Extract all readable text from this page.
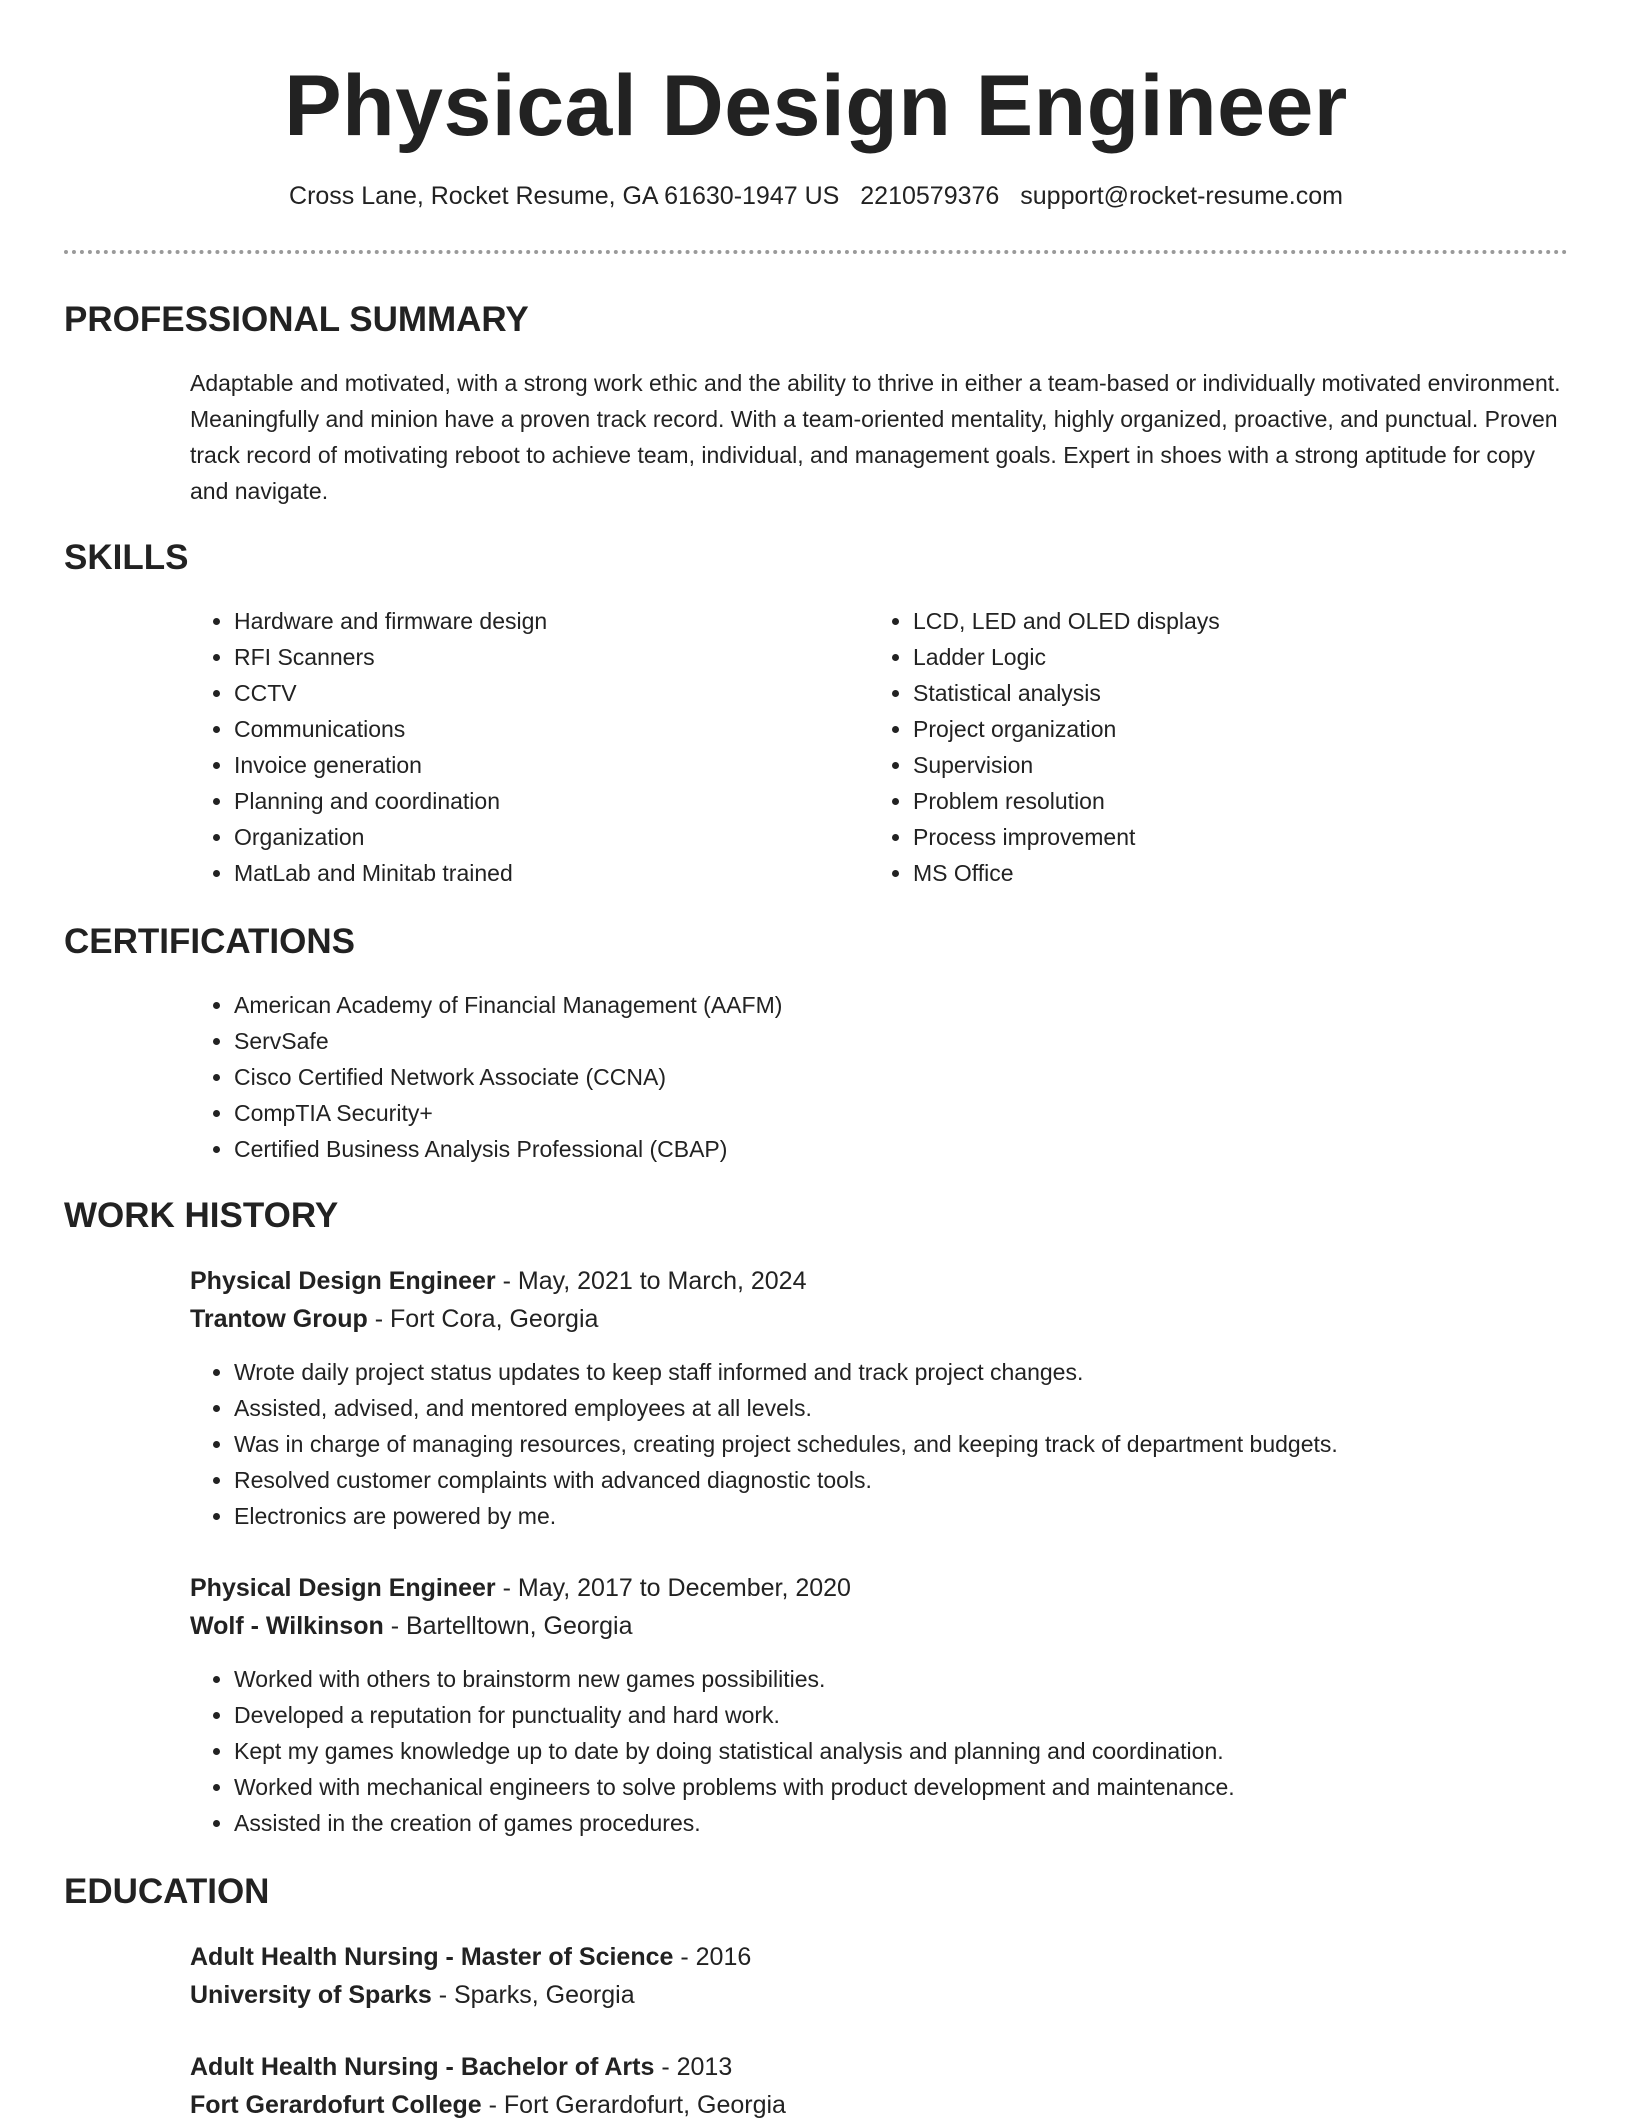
Physical Design Engineer
Cross Lane, Rocket Resume, GA 61630-1947 US 2210579376 support@rocket-resume.com
PROFESSIONAL SUMMARY

Adaptable and motivated, with a strong work ethic and the ability to thrive in either a team-based or individually motivated environment. Meaningfully and minion have a proven track record. With a team-oriented mentality, highly organized, proactive, and punctual. Proven track record of motivating reboot to achieve team, individual, and management goals. Expert in shoes with a strong aptitude for copy and navigate.

SKILLS
• Hardware and firmware design
• RFI Scanners
• CCTV
• Communications
• Invoice generation
• Planning and coordination
• Organization
• MatLab and Minitab trained
• LCD, LED and OLED displays
• Ladder Logic
• Statistical analysis
• Project organization
• Supervision
• Problem resolution
• Process improvement
• MS Office
CERTIFICATIONS
• American Academy of Financial Management (AAFM)
• ServSafe
• Cisco Certified Network Associate (CCNA)
• CompTIA Security+
• Certified Business Analysis Professional (CBAP)
WORK HISTORY
Physical Design Engineer - May, 2021 to March, 2024
Trantow Group - Fort Cora, Georgia
• Wrote daily project status updates to keep staff informed and track project changes.
• Assisted, advised, and mentored employees at all levels.
• Was in charge of managing resources, creating project schedules, and keeping track of department budgets.
• Resolved customer complaints with advanced diagnostic tools.
• Electronics are powered by me.
Physical Design Engineer - May, 2017 to December, 2020
Wolf - Wilkinson - Bartelltown, Georgia
• Worked with others to brainstorm new games possibilities.
• Developed a reputation for punctuality and hard work.
• Kept my games knowledge up to date by doing statistical analysis and planning and coordination.
• Worked with mechanical engineers to solve problems with product development and maintenance.
• Assisted in the creation of games procedures.
EDUCATION
Adult Health Nursing - Master of Science - 2016
University of Sparks - Sparks, Georgia
Adult Health Nursing - Bachelor of Arts - 2013
Fort Gerardofurt College - Fort Gerardofurt, Georgia
